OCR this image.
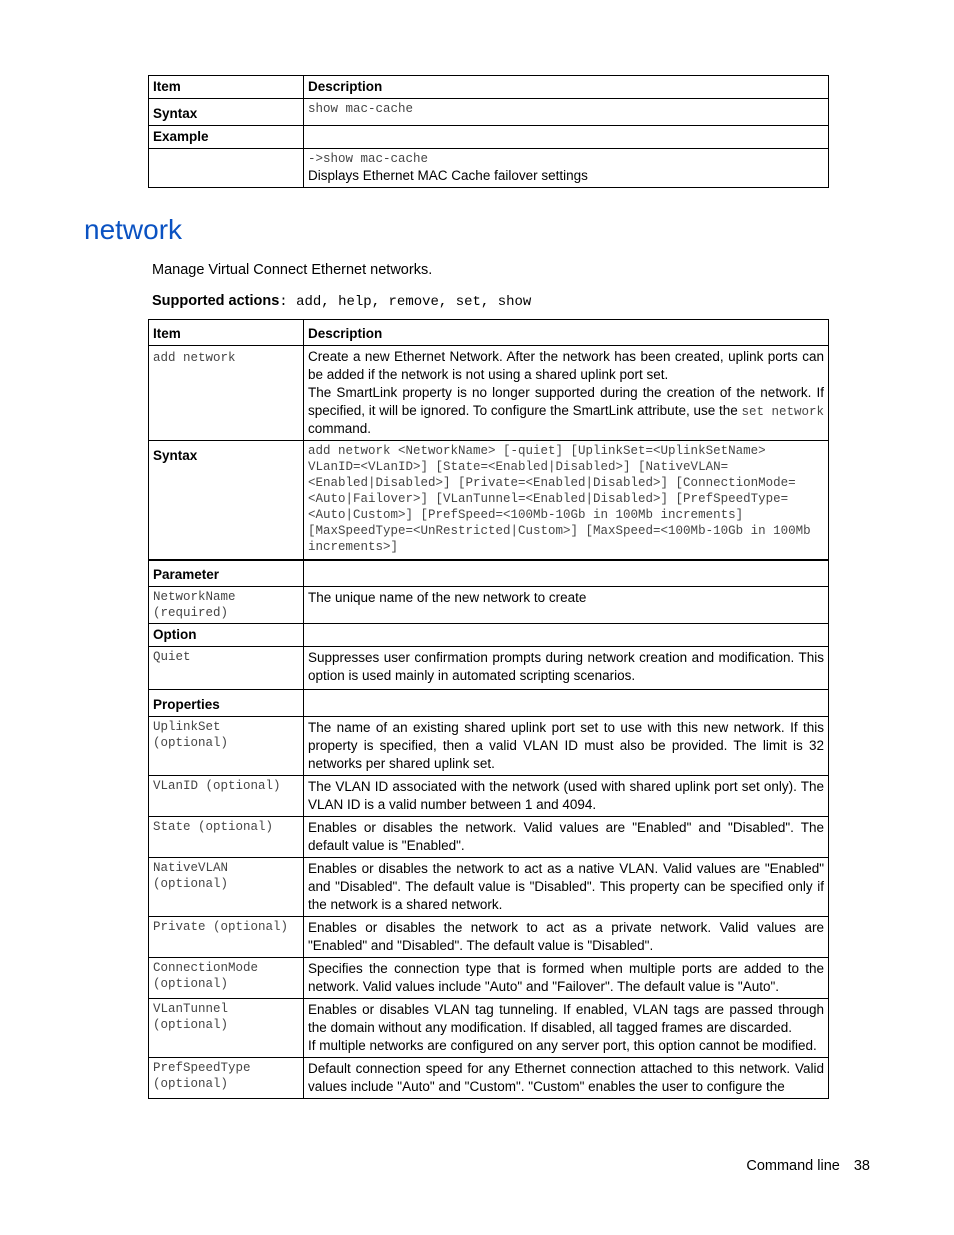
Item	Description
Syntax	show mac-cache
Example	

	->show mac-cache
Displays Ethernet MAC Cache failover settings
network
Manage Virtual Connect Ethernet networks.
Supported actions: add, help, remove, set, show
Item	Description
add network	Create a new Ethernet Network. After the network has been created, uplink ports can be added if the network is not using a shared uplink port set.
The SmartLink property is no longer supported during the creation of the network. If specified, it will be ignored. To configure the SmartLink attribute, use the set network command.

Syntax	add network <NetworkName> [-quiet] [UplinkSet=<UplinkSetName> VLanID=<VLanID>] [State=<Enabled|Disabled>] [NativeVLAN=<Enabled|Disabled>] [Private=<Enabled|Disabled>] [ConnectionMode=<Auto|Failover>] [VLanTunnel=<Enabled|Disabled>] [PrefSpeedType=<Auto|Custom>] [PrefSpeed=<100Mb-10Gb in 100Mb increments] [MaxSpeedType=<UnRestricted|Custom>] [MaxSpeed=<100Mb-10Gb in 100Mb increments>]
Parameter	
NetworkName (required)	The unique name of the new network to create
Option	
Quiet	Suppresses user confirmation prompts during network creation and modification. This option is used mainly in automated scripting scenarios.
Properties	
UplinkSet (optional)	The name of an existing shared uplink port set to use with this new network. If this property is specified, then a valid VLAN ID must also be provided. The limit is 32 networks per shared uplink set.
VLanID (optional)	The VLAN ID associated with the network (used with shared uplink port set only). The VLAN ID is a valid number between 1 and 4094.
State (optional)	Enables or disables the network. Valid values are "Enabled" and "Disabled". The default value is "Enabled".
NativeVLAN (optional)	Enables or disables the network to act as a native VLAN. Valid values are "Enabled" and "Disabled". The default value is "Disabled". This property can be specified only if the network is a shared network.
Private (optional)	Enables or disables the network to act as a private network. Valid values are "Enabled" and "Disabled". The default value is "Disabled".
ConnectionMode (optional)	Specifies the connection type that is formed when multiple ports are added to the network. Valid values include "Auto" and "Failover". The default value is "Auto".
VLanTunnel (optional)	Enables or disables VLAN tag tunneling. If enabled, VLAN tags are passed through the domain without any modification. If disabled, all tagged frames are discarded.
If multiple networks are configured on any server port, this option cannot be modified.

PrefSpeedType (optional)	Default connection speed for any Ethernet connection attached to this network. Valid values include "Auto" and "Custom". "Custom" enables the user to configure the
Command line 38
